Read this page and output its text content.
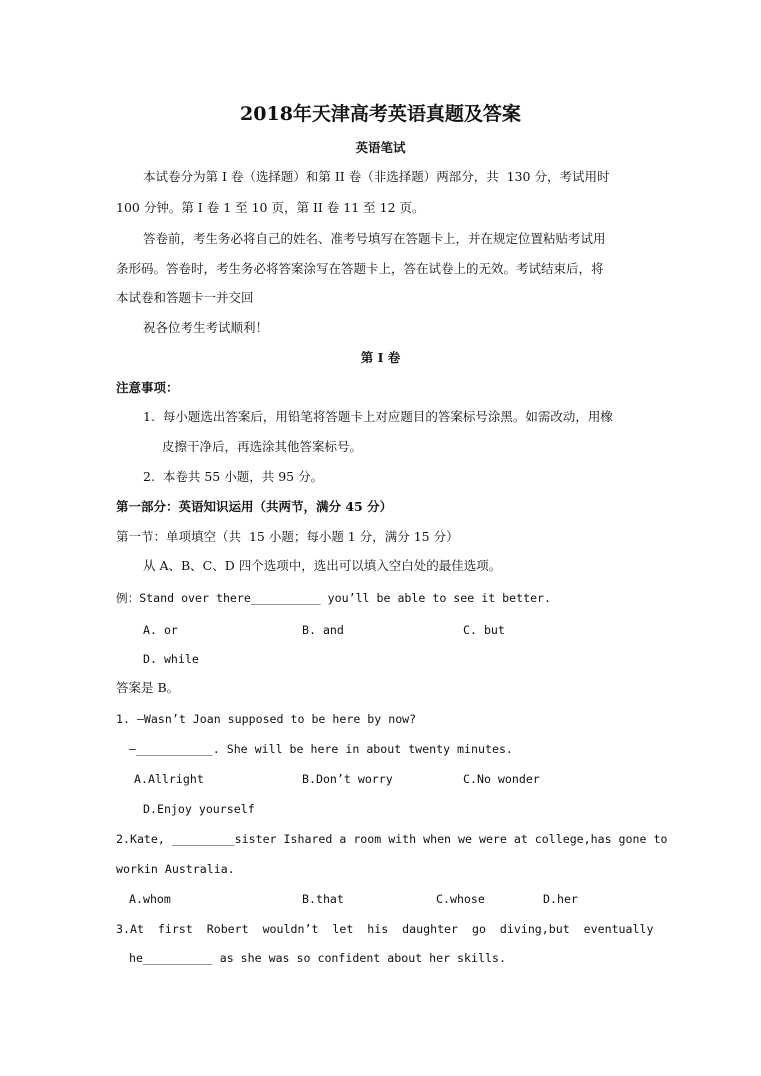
2018年天津高考英语真题及答案
英语笔试
本试卷分为第 I 卷（选择题）和第 II 卷（非选择题）两部分，共  130 分，考试用时
100 分钟。第 I 卷 1 至 10 页，第 II 卷 11 至 12 页。
答卷前，考生务必将自己的姓名、准考号填写在答题卡上，并在规定位置粘贴考试用
条形码。答卷时，考生务必将答案涂写在答题卡上，答在试卷上的无效。考试结束后，将
本试卷和答题卡一并交回
祝各位考生考试顺利！
第 I 卷
注意事项：
1.  每小题选出答案后，用铅笔将答题卡上对应题目的答案标号涂黑。如需改动，用橡
皮擦干净后，再选涂其他答案标号。
2.  本卷共 55 小题，共 95 分。
第一部分：英语知识运用（共两节，满分 45 分）
第一节：单项填空（共  15 小题；每小题 1 分，满分 15 分）
从 A、B、C、D 四个选项中，选出可以填入空白处的最佳选项。
例：Stand over there__________ you’ll be able to see it better.
A. or	B. and	C. but
D. while
答案是 B。
1. —Wasn’t Joan supposed to be here by now?
—___________. She will be here in about twenty minutes.
A.Allright	B.Don’t worry	C.No wonder
D.Enjoy yourself
2.Kate, _________sister Ishared a room with when we were at college,has gone to
workin Australia.
A.whom	B.that	C.whose	D.her
3.At  first  Robert  wouldn’t  let  his  daughter  go  diving,but  eventually
he__________ as she was so confident about her skills.
